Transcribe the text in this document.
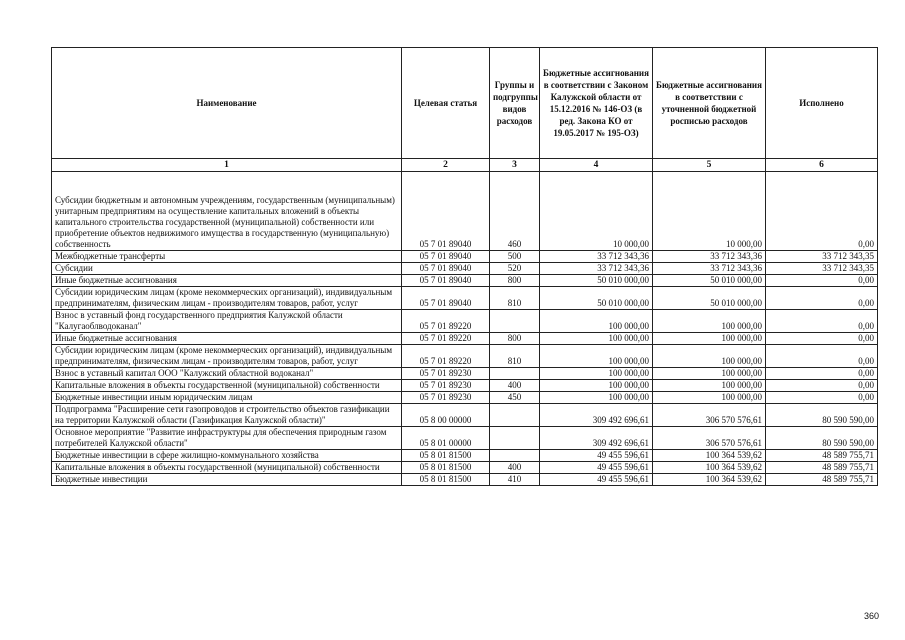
Наименование	Целевая статья	Группы и подгруппы видов расходов	Бюджетные ассигнования в соответствии с Законом Калужской области от 15.12.2016 № 146-ОЗ (в ред. Закона КО от 19.05.2017 № 195-ОЗ)	Бюджетные ассигнования в соответствии с уточненной бюджетной росписью расходов	Исполнено
1	2	3	4	5	6
Субсидии бюджетным и автономным учреждениям, государственным (муниципальным) унитарным предприятиям на осуществление капитальных вложений в объекты капитального строительства государственной (муниципальной) собственности или приобретение объектов недвижимого имущества в государственную (муниципальную) собственность	05 7 01 89040	460	10 000,00	10 000,00	0,00
Межбюджетные трансферты	05 7 01 89040	500	33 712 343,36	33 712 343,36	33 712 343,35
Субсидии	05 7 01 89040	520	33 712 343,36	33 712 343,36	33 712 343,35
Иные бюджетные ассигнования	05 7 01 89040	800	50 010 000,00	50 010 000,00	0,00
Субсидии юридическим лицам (кроме некоммерческих организаций), индивидуальным предпринимателям, физическим лицам - производителям товаров, работ, услуг	05 7 01 89040	810	50 010 000,00	50 010 000,00	0,00
Взнос в уставный фонд государственного предприятия Калужской области "Калугаоблводоканал"	05 7 01 89220		100 000,00	100 000,00	0,00
Иные бюджетные ассигнования	05 7 01 89220	800	100 000,00	100 000,00	0,00
Субсидии юридическим лицам (кроме некоммерческих организаций), индивидуальным предпринимателям, физическим лицам - производителям товаров, работ, услуг	05 7 01 89220	810	100 000,00	100 000,00	0,00
Взнос в уставный капитал ООО "Калужский областной водоканал"	05 7 01 89230		100 000,00	100 000,00	0,00
Капитальные вложения в объекты государственной (муниципальной) собственности	05 7 01 89230	400	100 000,00	100 000,00	0,00
Бюджетные инвестиции иным юридическим лицам	05 7 01 89230	450	100 000,00	100 000,00	0,00
Подпрограмма "Расширение сети газопроводов и строительство объектов газификации на территории Калужской области (Газификация Калужской области)"	05 8 00 00000		309 492 696,61	306 570 576,61	80 590 590,00
Основное мероприятие "Развитие инфраструктуры для обеспечения природным газом потребителей Калужской области"	05 8 01 00000		309 492 696,61	306 570 576,61	80 590 590,00
Бюджетные инвестиции в сфере жилищно-коммунального хозяйства	05 8 01 81500		49 455 596,61	100 364 539,62	48 589 755,71
Капитальные вложения в объекты государственной (муниципальной) собственности	05 8 01 81500	400	49 455 596,61	100 364 539,62	48 589 755,71
Бюджетные инвестиции	05 8 01 81500	410	49 455 596,61	100 364 539,62	48 589 755,71
360
